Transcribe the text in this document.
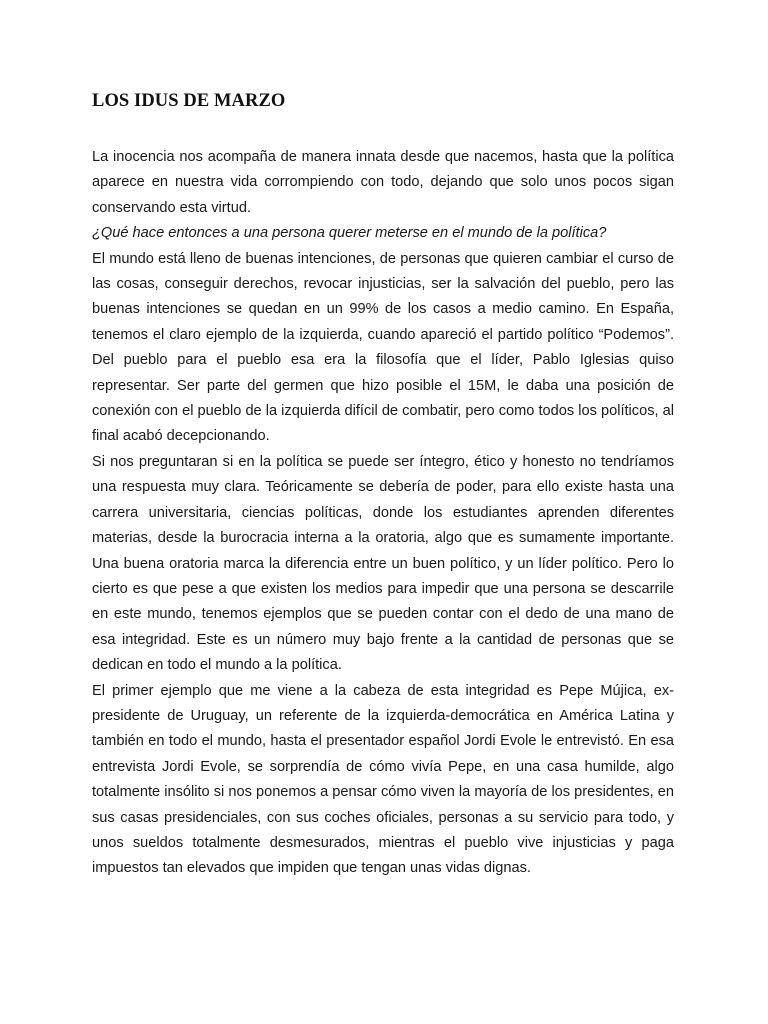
LOS IDUS DE MARZO

La inocencia nos acompaña de manera innata desde que nacemos, hasta que la política aparece en nuestra vida corrompiendo con todo, dejando que solo unos pocos sigan conservando esta virtud.

¿Qué hace entonces a una persona querer meterse en el mundo de la política?

El mundo está lleno de buenas intenciones, de personas que quieren cambiar el curso de las cosas, conseguir derechos, revocar injusticias, ser la salvación del pueblo, pero las buenas intenciones se quedan en un 99% de los casos a medio camino. En España, tenemos el claro ejemplo de la izquierda, cuando apareció el partido político “Podemos”. Del pueblo para el pueblo esa era la filosofía que el líder, Pablo Iglesias quiso representar. Ser parte del germen que hizo posible el 15M, le daba una posición de conexión con el pueblo de la izquierda difícil de combatir, pero como todos los políticos, al final acabó decepcionando.

Si nos preguntaran si en la política se puede ser íntegro, ético y honesto no tendríamos una respuesta muy clara. Teóricamente se debería de poder, para ello existe hasta una carrera universitaria, ciencias políticas, donde los estudiantes aprenden diferentes materias, desde la burocracia interna a la oratoria, algo que es sumamente importante. Una buena oratoria marca la diferencia entre un buen político, y un líder político. Pero lo cierto es que pese a que existen los medios para impedir que una persona se descarrile en este mundo, tenemos ejemplos que se pueden contar con el dedo de una mano de esa integridad. Este es un número muy bajo frente a la cantidad de personas que se dedican en todo el mundo a la política.

El primer ejemplo que me viene a la cabeza de esta integridad es Pepe Mújica, ex-presidente de Uruguay, un referente de la izquierda-democrática en América Latina y también en todo el mundo, hasta el presentador español Jordi Evole le entrevistó. En esa entrevista Jordi Evole, se sorprendía de cómo vivía Pepe, en una casa humilde, algo totalmente insólito si nos ponemos a pensar cómo viven la mayoría de los presidentes, en sus casas presidenciales, con sus coches oficiales, personas a su servicio para todo, y unos sueldos totalmente desmesurados, mientras el pueblo vive injusticias y paga impuestos tan elevados que impiden que tengan unas vidas dignas.
